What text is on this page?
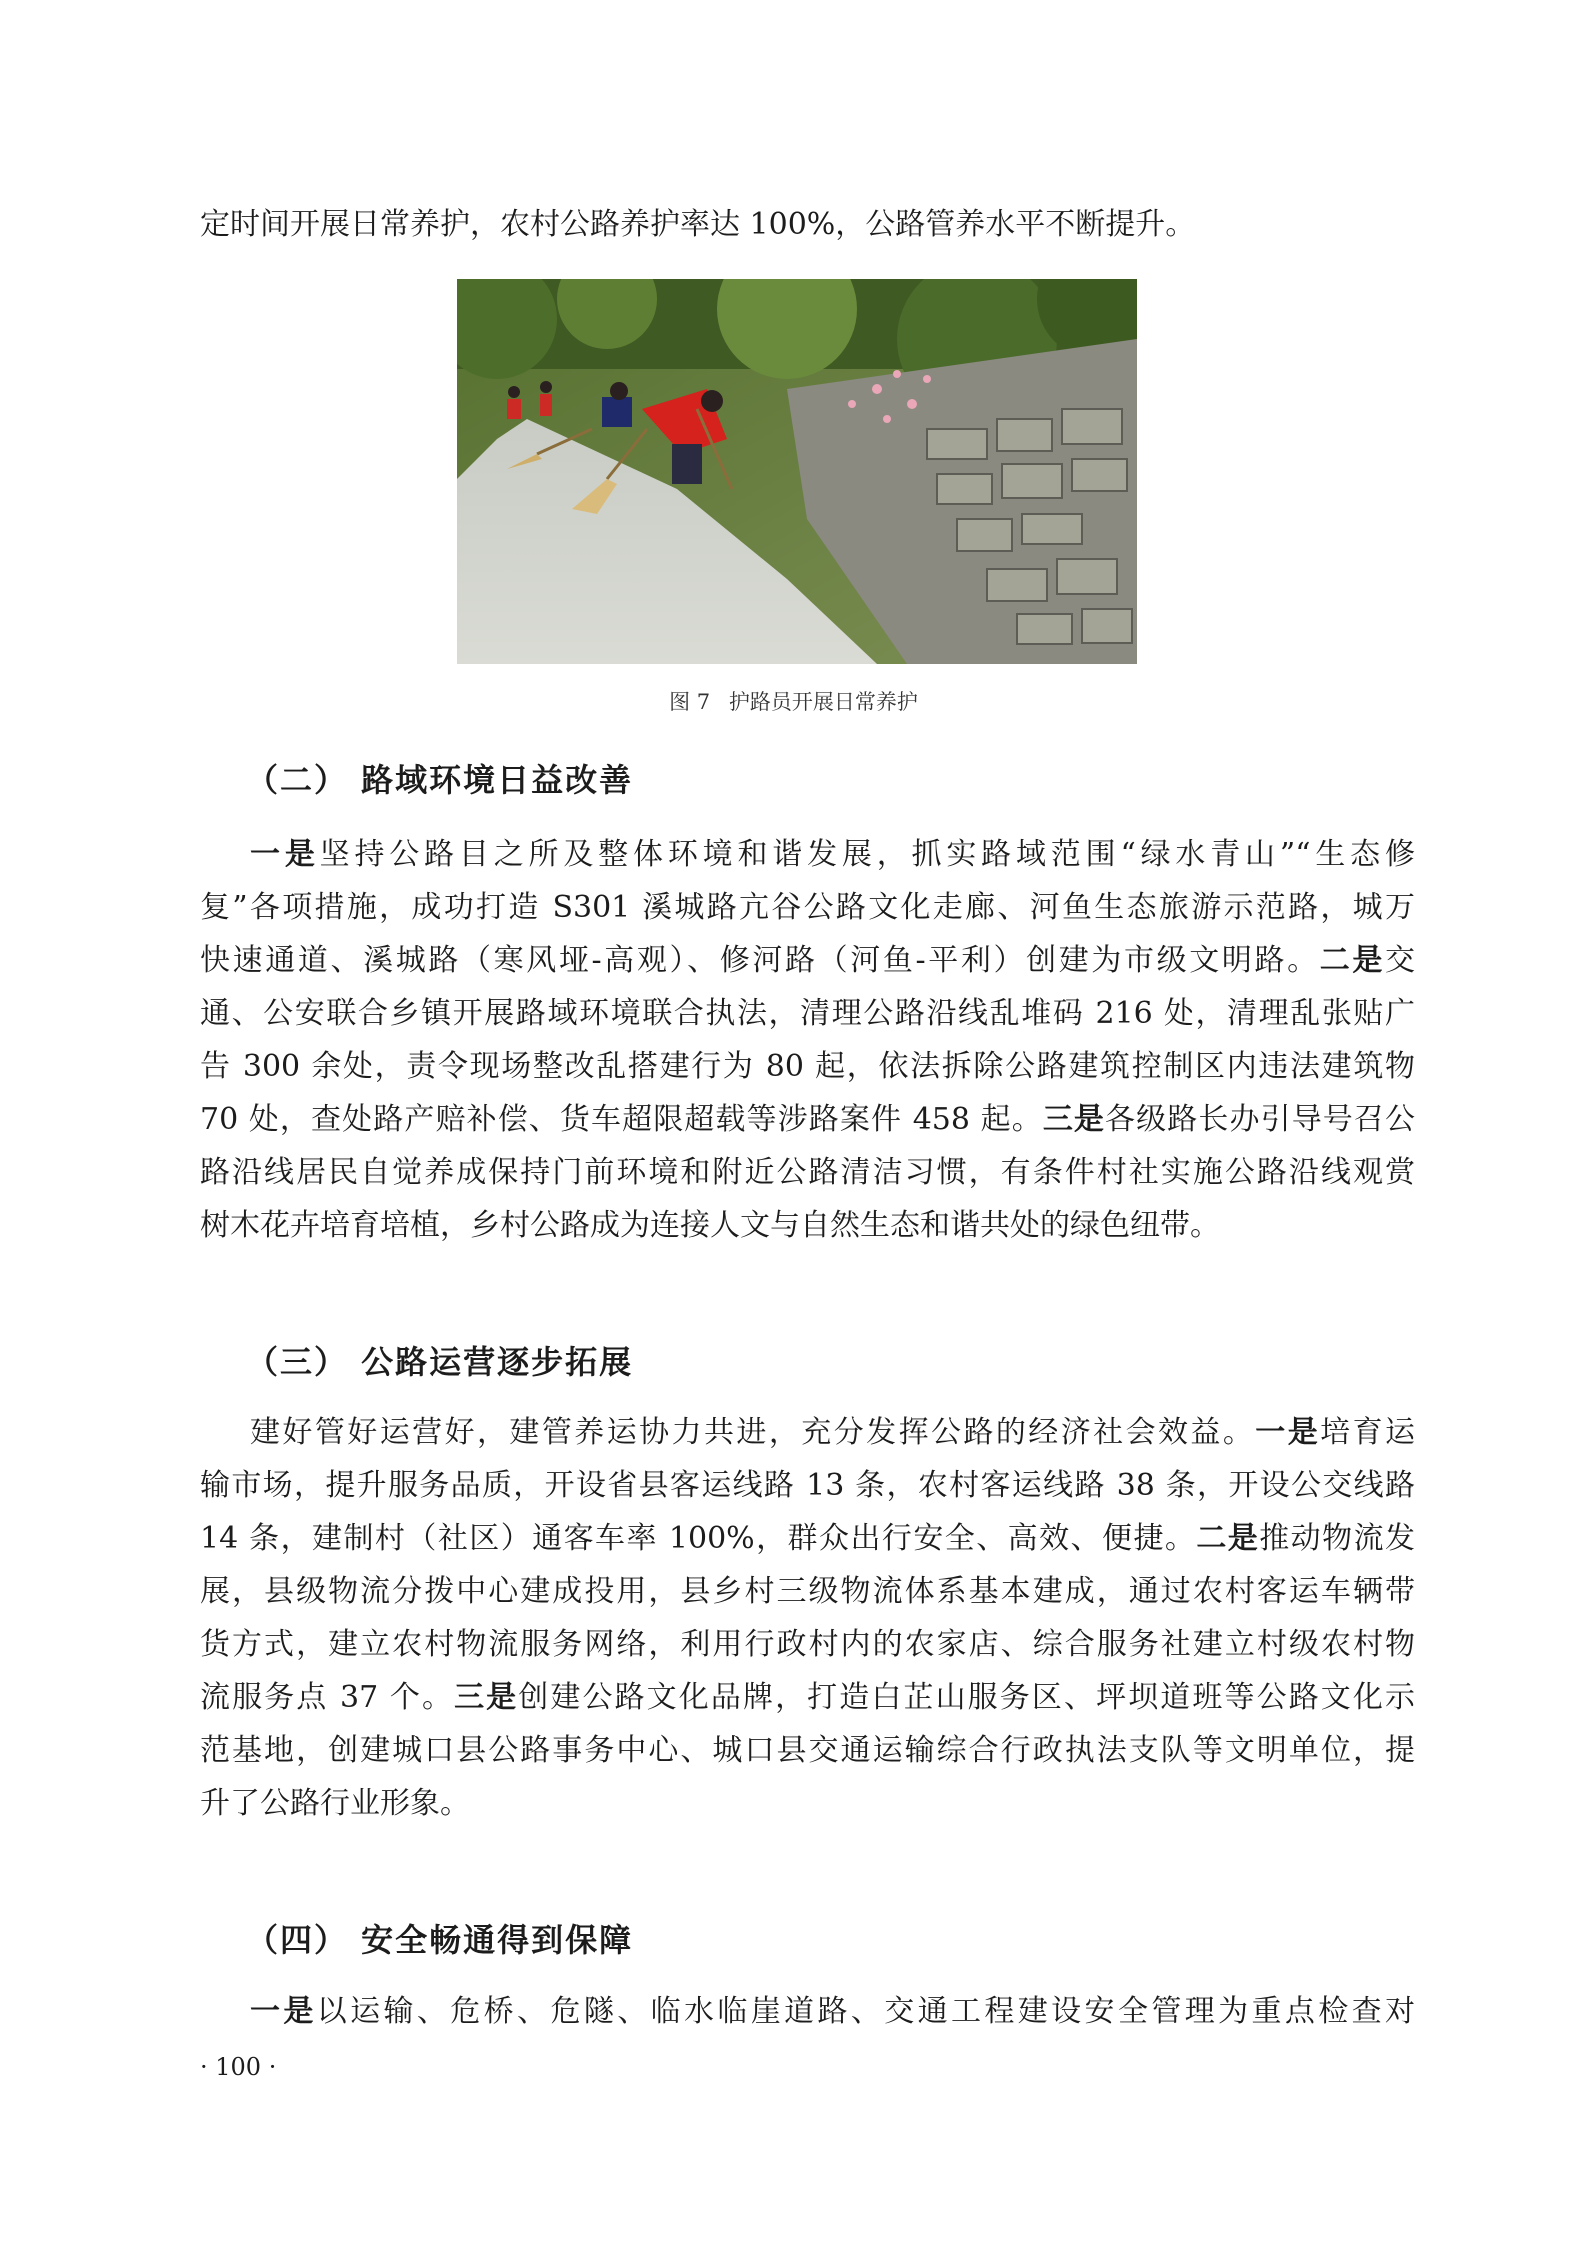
定时间开展日常养护，农村公路养护率达 100%，公路管养水平不断提升。
图 7 护路员开展日常养护
（二） 路域环境日益改善
一是坚持公路目之所及整体环境和谐发展，抓实路域范围“绿水青山”“生态修
复”各项措施，成功打造 S301 溪城路亢谷公路文化走廊、河鱼生态旅游示范路，城万
快速通道、溪城路（寒风垭-高观）、修河路（河鱼-平利）创建为市级文明路。二是交
通、公安联合乡镇开展路域环境联合执法，清理公路沿线乱堆码 216 处，清理乱张贴广
告 300 余处，责令现场整改乱搭建行为 80 起，依法拆除公路建筑控制区内违法建筑物
70 处，查处路产赔补偿、货车超限超载等涉路案件 458 起。三是各级路长办引导号召公
路沿线居民自觉养成保持门前环境和附近公路清洁习惯，有条件村社实施公路沿线观赏
树木花卉培育培植，乡村公路成为连接人文与自然生态和谐共处的绿色纽带。
（三） 公路运营逐步拓展
建好管好运营好，建管养运协力共进，充分发挥公路的经济社会效益。一是培育运
输市场，提升服务品质，开设省县客运线路 13 条，农村客运线路 38 条，开设公交线路
14 条，建制村（社区）通客车率 100%，群众出行安全、高效、便捷。二是推动物流发
展，县级物流分拨中心建成投用，县乡村三级物流体系基本建成，通过农村客运车辆带
货方式，建立农村物流服务网络，利用行政村内的农家店、综合服务社建立村级农村物
流服务点 37 个。三是创建公路文化品牌，打造白芷山服务区、坪坝道班等公路文化示
范基地，创建城口县公路事务中心、城口县交通运输综合行政执法支队等文明单位，提
升了公路行业形象。
（四） 安全畅通得到保障
一是以运输、危桥、危隧、临水临崖道路、交通工程建设安全管理为重点检查对
· 100 ·
